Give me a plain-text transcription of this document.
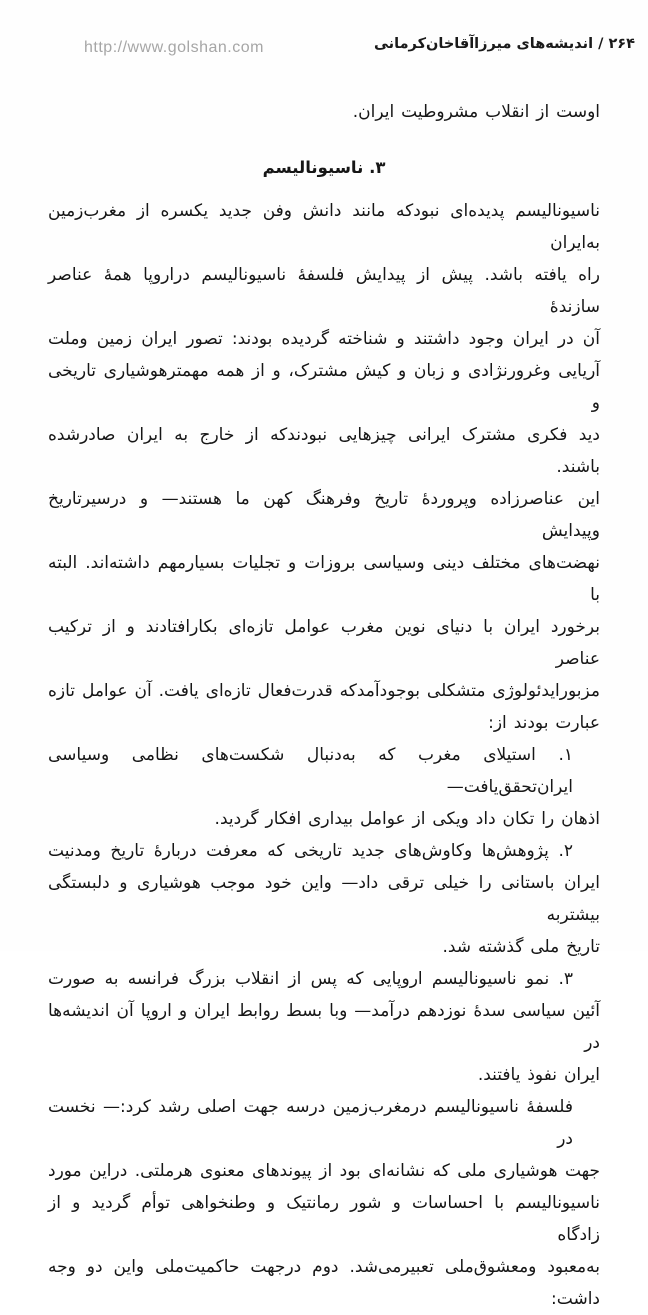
http://www.golshan.com	۲۶۴ / اندیشه‌های میرزاآقاخان‌کرمانی
اوست از انقلاب مشروطیت ایران.
۳. ناسیونالیسم
ناسیونالیسم پدیده‌ای نبودکه مانند دانش وفن جدید یکسره از مغرب‌زمین به‌ایران
راه یافته باشد. پیش از پیدایش فلسفهٔ ناسیونالیسم دراروپا همهٔ عناصر سازندهٔ
آن در ایران وجود داشتند و شناخته گردیده بودند: تصور ایران زمین وملت
آریایی وغرورنژادی و زبان و کیش مشترک، و از همه مهمترهوشیاری تاریخی و
دید فکری مشترک ایرانی چیزهایی نبودندکه از خارج به ایران صادرشده باشند.
این عناصرزاده وپروردهٔ تاریخ وفرهنگ کهن ما هستند— و درسیرتاریخ وپیدایش
نهضت‌های مختلف دینی وسیاسی بروزات و تجلیات بسیارمهم داشته‌اند. البته با
برخورد ایران با دنیای نوین مغرب عوامل تازه‌ای بکارافتادند و از ترکیب عناصر
مزبورایدئولوژی متشکلی بوجودآمدکه قدرت‌فعال تازه‌ای یافت. آن عوامل تازه
عبارت بودند از:
۱. استیلای مغرب که به‌دنبال شکست‌های نظامی وسیاسی ایران‌تحقق‌یافت—
اذهان را تکان داد ویکی از عوامل بیداری افکار گردید.
۲. پژوهش‌ها وکاوش‌های جدید تاریخی که معرفت دربارهٔ تاریخ ومدنیت
ایران باستانی را خیلی ترقی داد— واین خود موجب هوشیاری و دلبستگی بیشتربه
تاریخ ملی گذشته شد.
۳. نمو ناسیونالیسم اروپایی که پس از انقلاب بزرگ فرانسه به صورت
آئین سیاسی سدهٔ نوزدهم درآمد— وبا بسط روابط ایران و اروپا آن اندیشه‌ها در
ایران نفوذ یافتند.
فلسفهٔ ناسیونالیسم درمغرب‌زمین درسه جهت اصلی رشد کرد:— نخست در
جهت هوشیاری ملی که نشانه‌ای بود از پیوندهای معنوی هرملتی. دراین مورد
ناسیونالیسم با احساسات و شور رمانتیک و وطنخواهی توأم گردید و از زادگاه
به‌معبود ومعشوق‌ملی تعبیرمی‌شد. دوم درجهت حاکمیت‌ملی واین دو وجه داشت:
